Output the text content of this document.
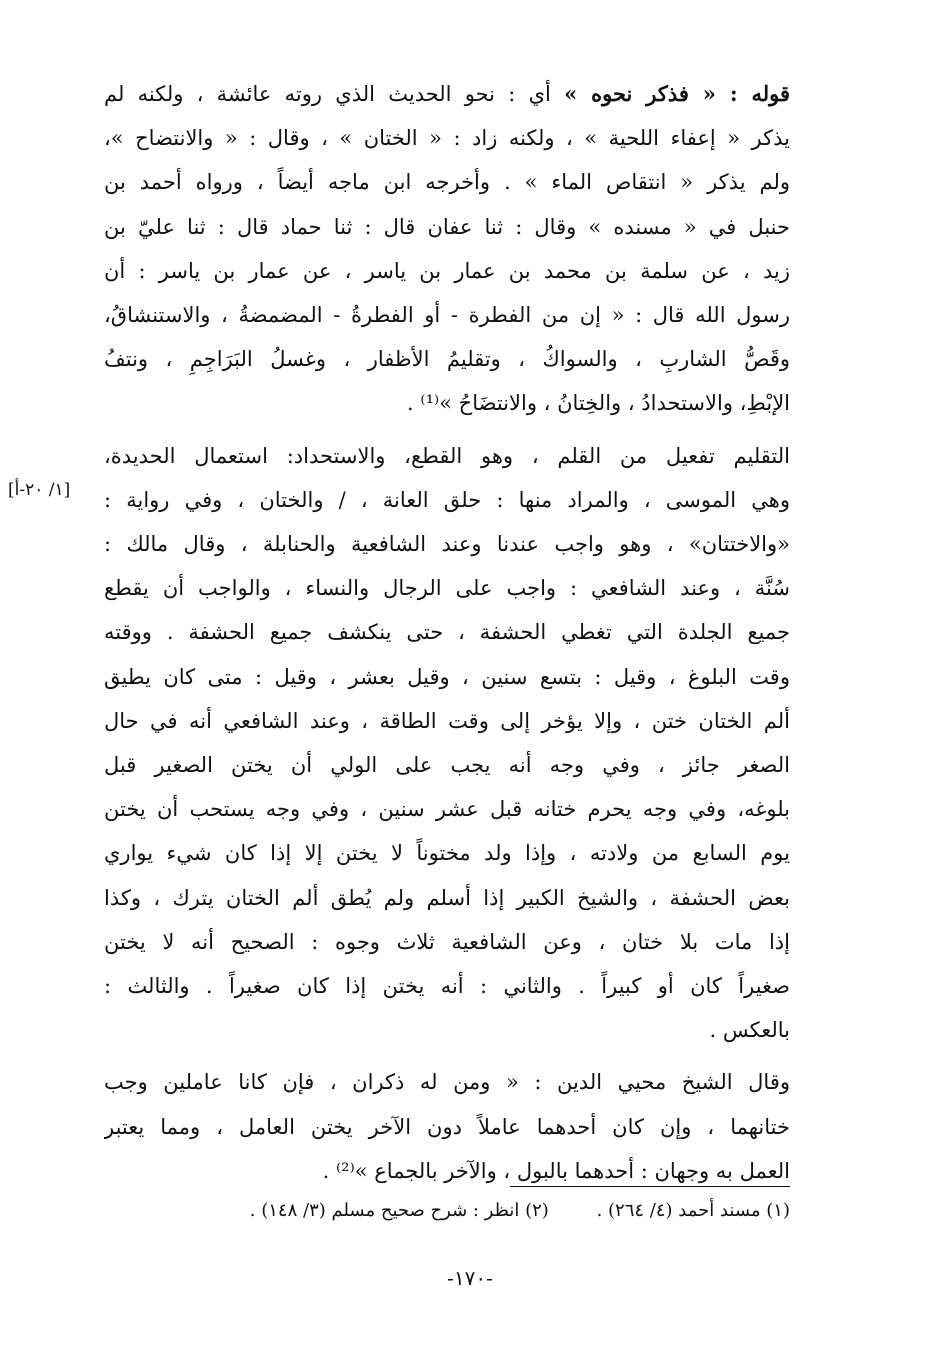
قوله : « فذكر نحوه » أي : نحو الحديث الذي روته عائشة ، ولكنه لم
يذكر « إعفاء اللحية » ، ولكنه زاد : « الختان » ، وقال : « والانتضاح »،
ولم يذكر « انتقاص الماء » . وأخرجه ابن ماجه أيضاً ، ورواه أحمد بن
حنبل في « مسنده » وقال : ثنا عفان قال : ثنا حماد قال : ثنا عليّ بن
زيد ، عن سلمة بن محمد بن عمار بن ياسر ، عن عمار بن ياسر : أن
رسول الله قال : « إن من الفطرة - أو الفطرةُ - المضمضةُ ، والاستنشاقُ،
وقَصُّ الشاربِ ، والسواكُ ، وتقليمُ الأظفار ، وغسلُ البَرَاجِمِ ، ونتفُ
الإبْطِ، والاستحدادُ ، والخِتانُ ، والانتضَاحُ »⁽¹⁾ .

التقليم تفعيل من القلم ، وهو القطع، والاستحداد: استعمال الحديدة،
وهي الموسى ، والمراد منها : حلق العانة ، / والختان ، وفي رواية :
«والاختتان» ، وهو واجب عندنا وعند الشافعية والحنابلة ، وقال مالك :
سُنَّة ، وعند الشافعي : واجب على الرجال والنساء ، والواجب أن يقطع
جميع الجلدة التي تغطي الحشفة ، حتى ينكشف جميع الحشفة . ووقته
وقت البلوغ ، وقيل : بتسع سنين ، وقيل بعشر ، وقيل : متى كان يطيق
ألم الختان ختن ، وإلا يؤخر إلى وقت الطاقة ، وعند الشافعي أنه في حال
الصغر جائز ، وفي وجه أنه يجب على الولي أن يختن الصغير قبل
بلوغه، وفي وجه يحرم ختانه قبل عشر سنين ، وفي وجه يستحب أن يختن
يوم السابع من ولادته ، وإذا ولد مختوناً لا يختن إلا إذا كان شيء يواري
بعض الحشفة ، والشيخ الكبير إذا أسلم ولم يُطق ألم الختان يترك ، وكذا
إذا مات بلا ختان ، وعن الشافعية ثلاث وجوه : الصحيح أنه لا يختن
صغيراً كان أو كبيراً . والثاني : أنه يختن إذا كان صغيراً . والثالث :
بالعكس .

وقال الشيخ محيي الدين : « ومن له ذكران ، فإن كانا عاملين وجب
ختانهما ، وإن كان أحدهما عاملاً دون الآخر يختن العامل ، ومما يعتبر
العمل به وجهان : أحدهما بالبول ، والآخر بالجماع »⁽²⁾ .

[١/ ٢٠-أ]
(١) مسند أحمد (٤/ ٢٦٤) . (٢) انظر : شرح صحيح مسلم (٣/ ١٤٨) .
-١٧٠-
